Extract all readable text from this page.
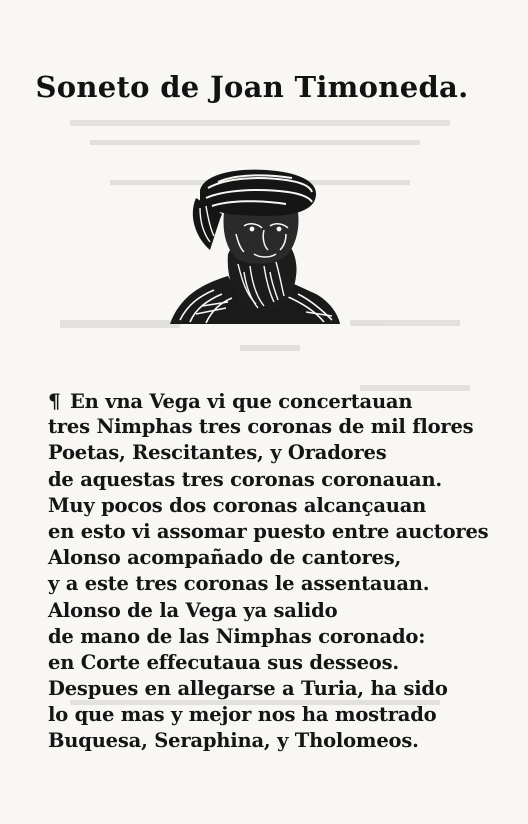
Soneto de Joan Timoneda.
¶ En vna Vega vi que concertauan
tres Nimphas tres coronas de mil flores
Poetas, Rescitantes, y Oradores
de aquestas tres coronas coronauan.
Muy pocos dos coronas alcançauan
en esto vi assomar puesto entre auctores
Alonso acompañado de cantores,
y a este tres coronas le assentauan.
Alonso de la Vega ya salido
de mano de las Nimphas coronado:
en Corte effecutaua sus desseos.
Despues en allegarse a Turia, ha sido
lo que mas y mejor nos ha mostrado
Buquesa, Seraphina, y Tholomeos.
